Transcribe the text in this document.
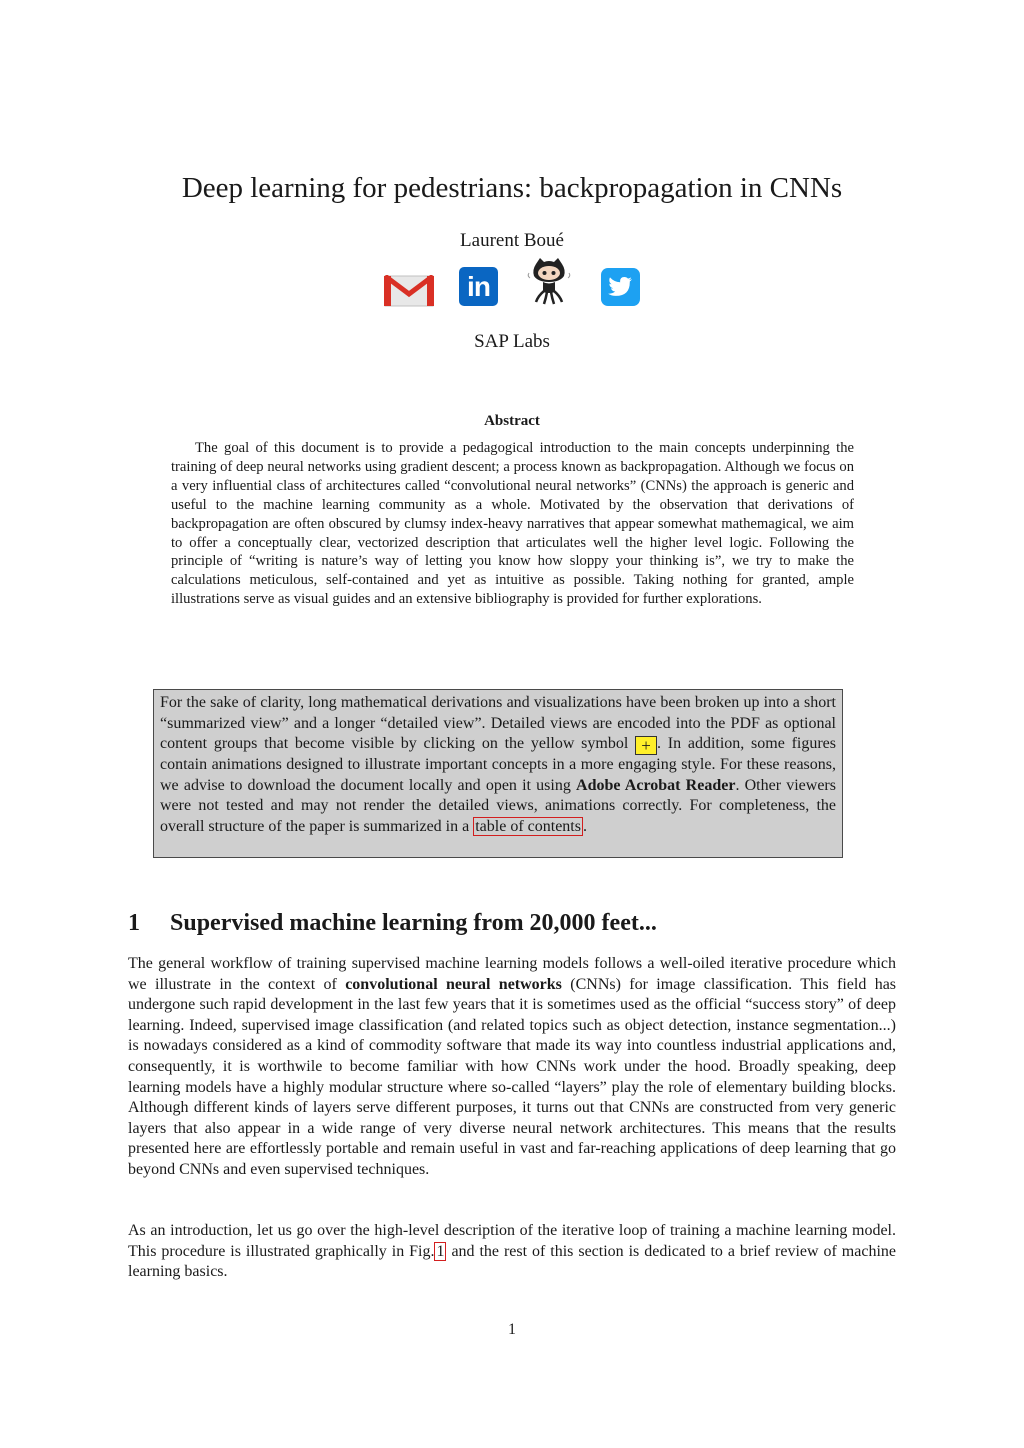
Deep learning for pedestrians: backpropagation in CNNs
Laurent Boué
in
SAP Labs
Abstract
The goal of this document is to provide a pedagogical introduction to the main concepts underpinning the training of deep neural networks using gradient descent; a process known as backpropagation. Although we focus on a very influential class of architectures called “convolutional neural networks” (CNNs) the approach is generic and useful to the machine learning community as a whole. Motivated by the observation that derivations of backpropagation are often obscured by clumsy index-heavy narratives that appear somewhat mathemagical, we aim to offer a conceptually clear, vectorized description that articulates well the higher level logic. Following the principle of “writing is nature’s way of letting you know how sloppy your thinking is”, we try to make the calculations meticulous, self-contained and yet as intuitive as possible. Taking nothing for granted, ample illustrations serve as visual guides and an extensive bibliography is provided for further explorations.
For the sake of clarity, long mathematical derivations and visualizations have been broken up into a short “summarized view” and a longer “detailed view”. Detailed views are encoded into the PDF as optional content groups that become visible by clicking on the yellow symbol + . In addition, some figures contain animations designed to illustrate important concepts in a more engaging style. For these reasons, we advise to download the document locally and open it using Adobe Acrobat Reader. Other viewers were not tested and may not render the detailed views, animations correctly. For completeness, the overall structure of the paper is summarized in a table of contents .
1 Supervised machine learning from 20,000 feet...
The general workflow of training supervised machine learning models follows a well-oiled iterative procedure which we illustrate in the context of convolutional neural networks (CNNs) for image classification. This field has undergone such rapid development in the last few years that it is sometimes used as the official “success story” of deep learning. Indeed, supervised image classification (and related topics such as object detection, instance segmentation...) is nowadays considered as a kind of commodity software that made its way into countless industrial applications and, consequently, it is worthwile to become familiar with how CNNs work under the hood. Broadly speaking, deep learning models have a highly modular structure where so-called “layers” play the role of elementary building blocks. Although different kinds of layers serve different purposes, it turns out that CNNs are constructed from very generic layers that also appear in a wide range of very diverse neural network architectures. This means that the results presented here are effortlessly portable and remain useful in vast and far-reaching applications of deep learning that go beyond CNNs and even supervised techniques.
As an introduction, let us go over the high-level description of the iterative loop of training a machine learning model. This procedure is illustrated graphically in Fig. 1 and the rest of this section is dedicated to a brief review of machine learning basics.
1
